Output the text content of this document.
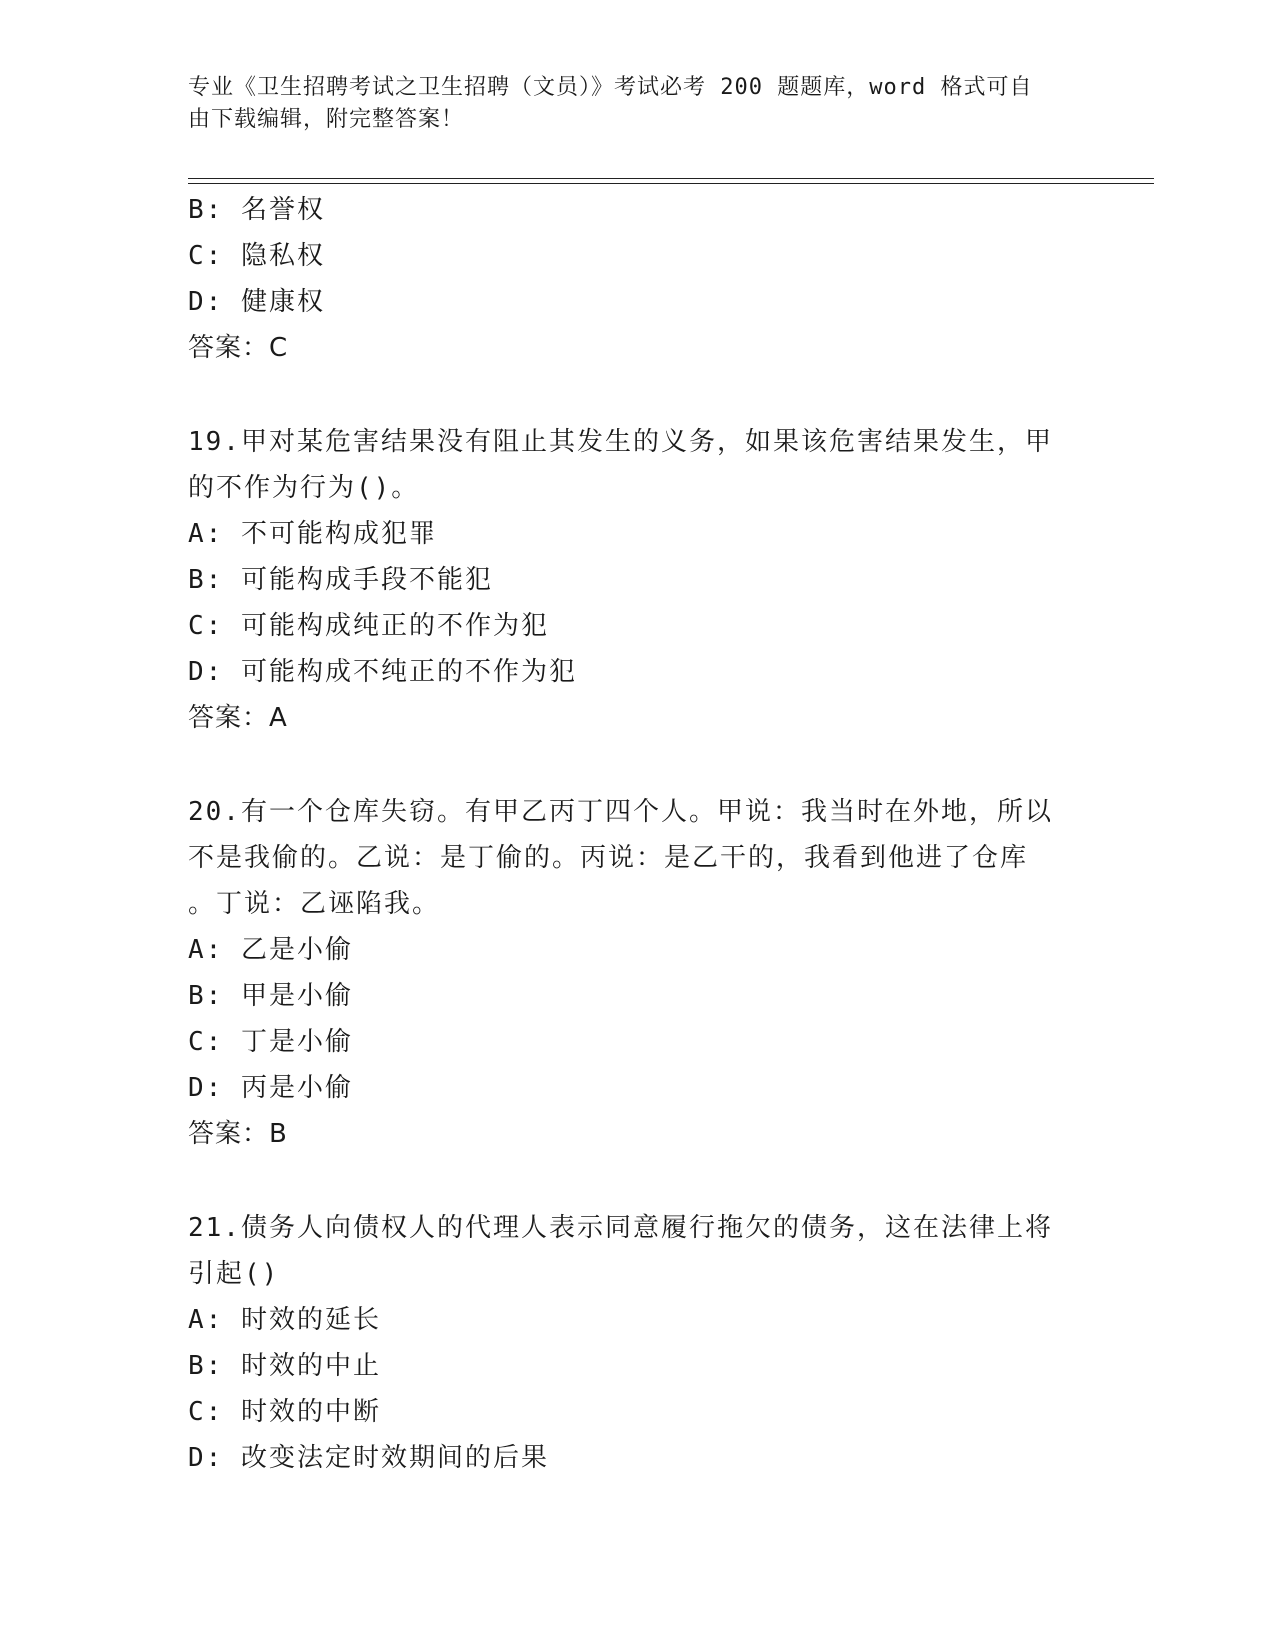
专业《卫生招聘考试之卫生招聘（文员）》考试必考 200 题题库，word 格式可自
由下载编辑，附完整答案！
B: 名誉权
C: 隐私权
D: 健康权
答案：C
19.甲对某危害结果没有阻止其发生的义务，如果该危害结果发生，甲
的不作为行为()。
A: 不可能构成犯罪
B: 可能构成手段不能犯
C: 可能构成纯正的不作为犯
D: 可能构成不纯正的不作为犯
答案：A
20.有一个仓库失窃。有甲乙丙丁四个人。甲说：我当时在外地，所以
不是我偷的。乙说：是丁偷的。丙说：是乙干的，我看到他进了仓库
。丁说：乙诬陷我。
A: 乙是小偷
B: 甲是小偷
C: 丁是小偷
D: 丙是小偷
答案：B
21.债务人向债权人的代理人表示同意履行拖欠的债务，这在法律上将
引起()
A: 时效的延长
B: 时效的中止
C: 时效的中断
D: 改变法定时效期间的后果
